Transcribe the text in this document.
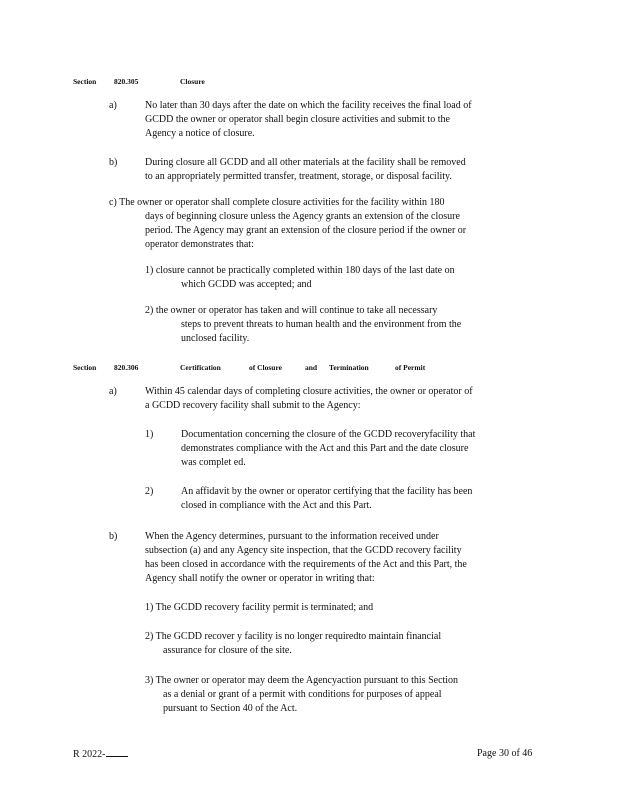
Section 820.305	Closure
a)	No later than 30 days after the date on which the facility receives the final load of
GCDD the owner or operator shall begin closure activities and submit to the
Agency a notice of closure.
b)	During closure all GCDD and all other materials at the facility shall be removed
to an appropriately permitted transfer, treatment, storage, or disposal facility.
c) The owner or operator shall complete closure activities for the facility within 180
days of beginning closure unless the Agency grants an extension of the closure
period. The Agency may grant an extension of the closure period if the owner or
operator demonstrates that:
1) closure cannot be practically completed within 180 days of the last date on
which GCDD was accepted; and
2) the owner or operator has taken and will continue to take all necessary
steps to prevent threats to human health and the environment from the
unclosed facility.
Section 820.306	Certification	of Closure	and Termination	of Permit
a)	Within 45 calendar days of completing closure activities, the owner or operator of
a GCDD recovery facility shall submit to the Agency:
1)	Documentation concerning the closure of the GCDD recoveryfacility that
demonstrates compliance with the Act and this Part and the date closure
was complet ed.
2)	An affidavit by the owner or operator certifying that the facility has been
closed in compliance with the Act and this Part.
b)	When the Agency determines, pursuant to the information received under
subsection (a) and any Agency site inspection, that the GCDD recovery facility
has been closed in accordance with the requirements of the Act and this Part, the
Agency shall notify the owner or operator in writing that:
1) The GCDD recovery facility permit is terminated; and
2) The GCDD recover y facility is no longer requiredto maintain financial
assurance for closure of the site.
3) The owner or operator may deem the Agencyaction pursuant to this Section
as a denial or grant of a permit with conditions for purposes of appeal
pursuant to Section 40 of the Act.
R 2022-	Page 30 of 46
